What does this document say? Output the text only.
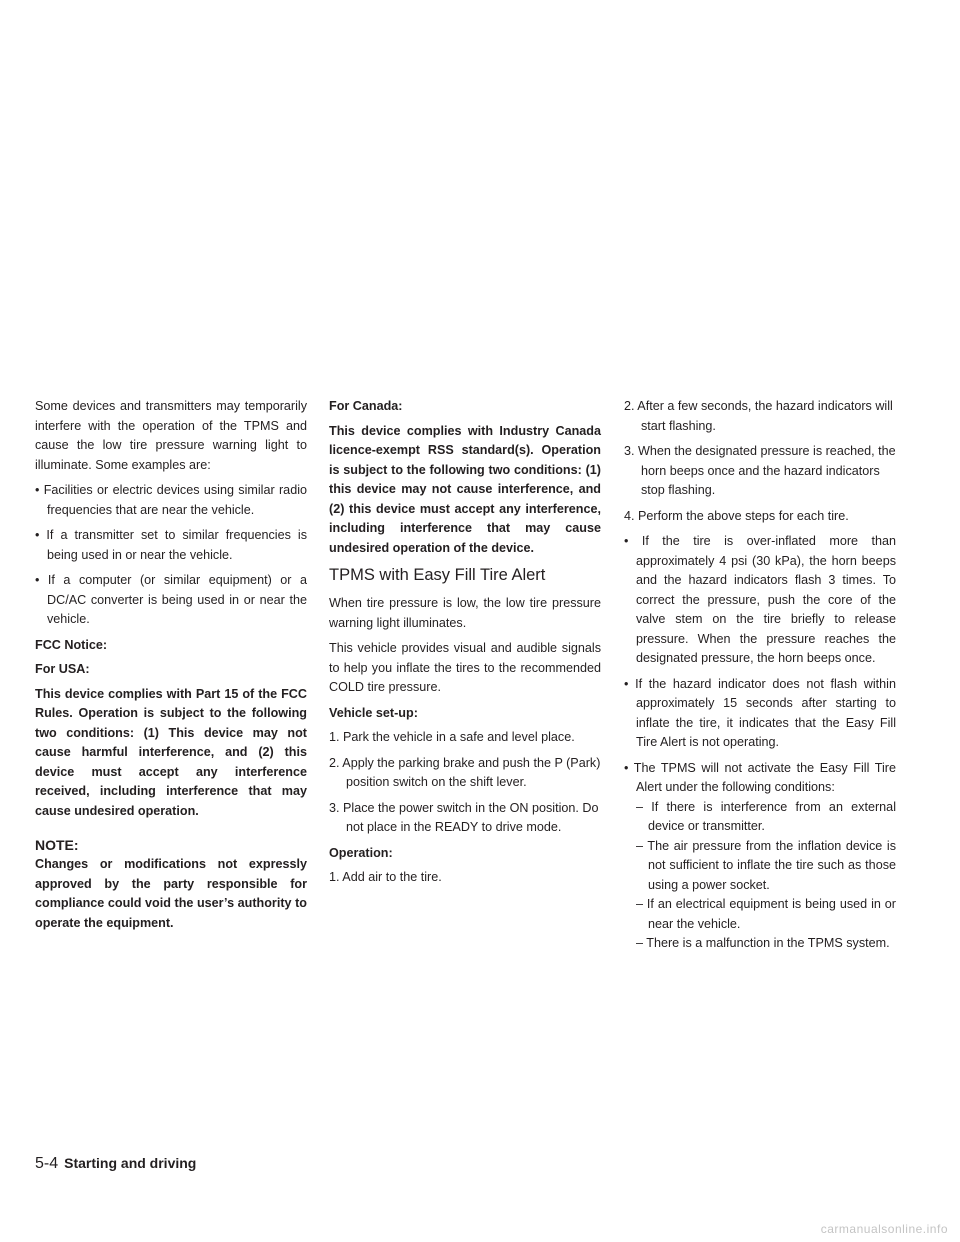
Some devices and transmitters may temporarily interfere with the operation of the TPMS and cause the low tire pressure warning light to illuminate. Some examples are:

• Facilities or electric devices using similar radio frequencies that are near the vehicle.

• If a transmitter set to similar frequencies is being used in or near the vehicle.

• If a computer (or similar equipment) or a DC/AC converter is being used in or near the vehicle.

FCC Notice:

For USA:

This device complies with Part 15 of the FCC Rules. Operation is subject to the following two conditions: (1) This device may not cause harmful interference, and (2) this device must accept any interference received, including interference that may cause undesired operation.

NOTE:

Changes or modifications not expressly approved by the party responsible for compliance could void the user’s authority to operate the equipment.

For Canada:

This device complies with Industry Canada licence-exempt RSS standard(s). Operation is subject to the following two conditions: (1) this device may not cause interference, and (2) this device must accept any interference, including interference that may cause undesired operation of the device.

TPMS with Easy Fill Tire Alert

When tire pressure is low, the low tire pressure warning light illuminates.

This vehicle provides visual and audible signals to help you inflate the tires to the recommended COLD tire pressure.

Vehicle set-up:

1. Park the vehicle in a safe and level place.

2. Apply the parking brake and push the P (Park) position switch on the shift lever.

3. Place the power switch in the ON position. Do not place in the READY to drive mode.

Operation:

1. Add air to the tire.

2. After a few seconds, the hazard indicators will start flashing.

3. When the designated pressure is reached, the horn beeps once and the hazard indicators stop flashing.

4. Perform the above steps for each tire.

• If the tire is over-inflated more than approximately 4 psi (30 kPa), the horn beeps and the hazard indicators flash 3 times. To correct the pressure, push the core of the valve stem on the tire briefly to release pressure. When the pressure reaches the designated pressure, the horn beeps once.

• If the hazard indicator does not flash within approximately 15 seconds after starting to inflate the tire, it indicates that the Easy Fill Tire Alert is not operating.

• The TPMS will not activate the Easy Fill Tire Alert under the following conditions:

– If there is interference from an external device or transmitter.

– The air pressure from the inflation device is not sufficient to inflate the tire such as those using a power socket.

– If an electrical equipment is being used in or near the vehicle.

– There is a malfunction in the TPMS system.

5-4 Starting and driving
carmanualsonline.info
